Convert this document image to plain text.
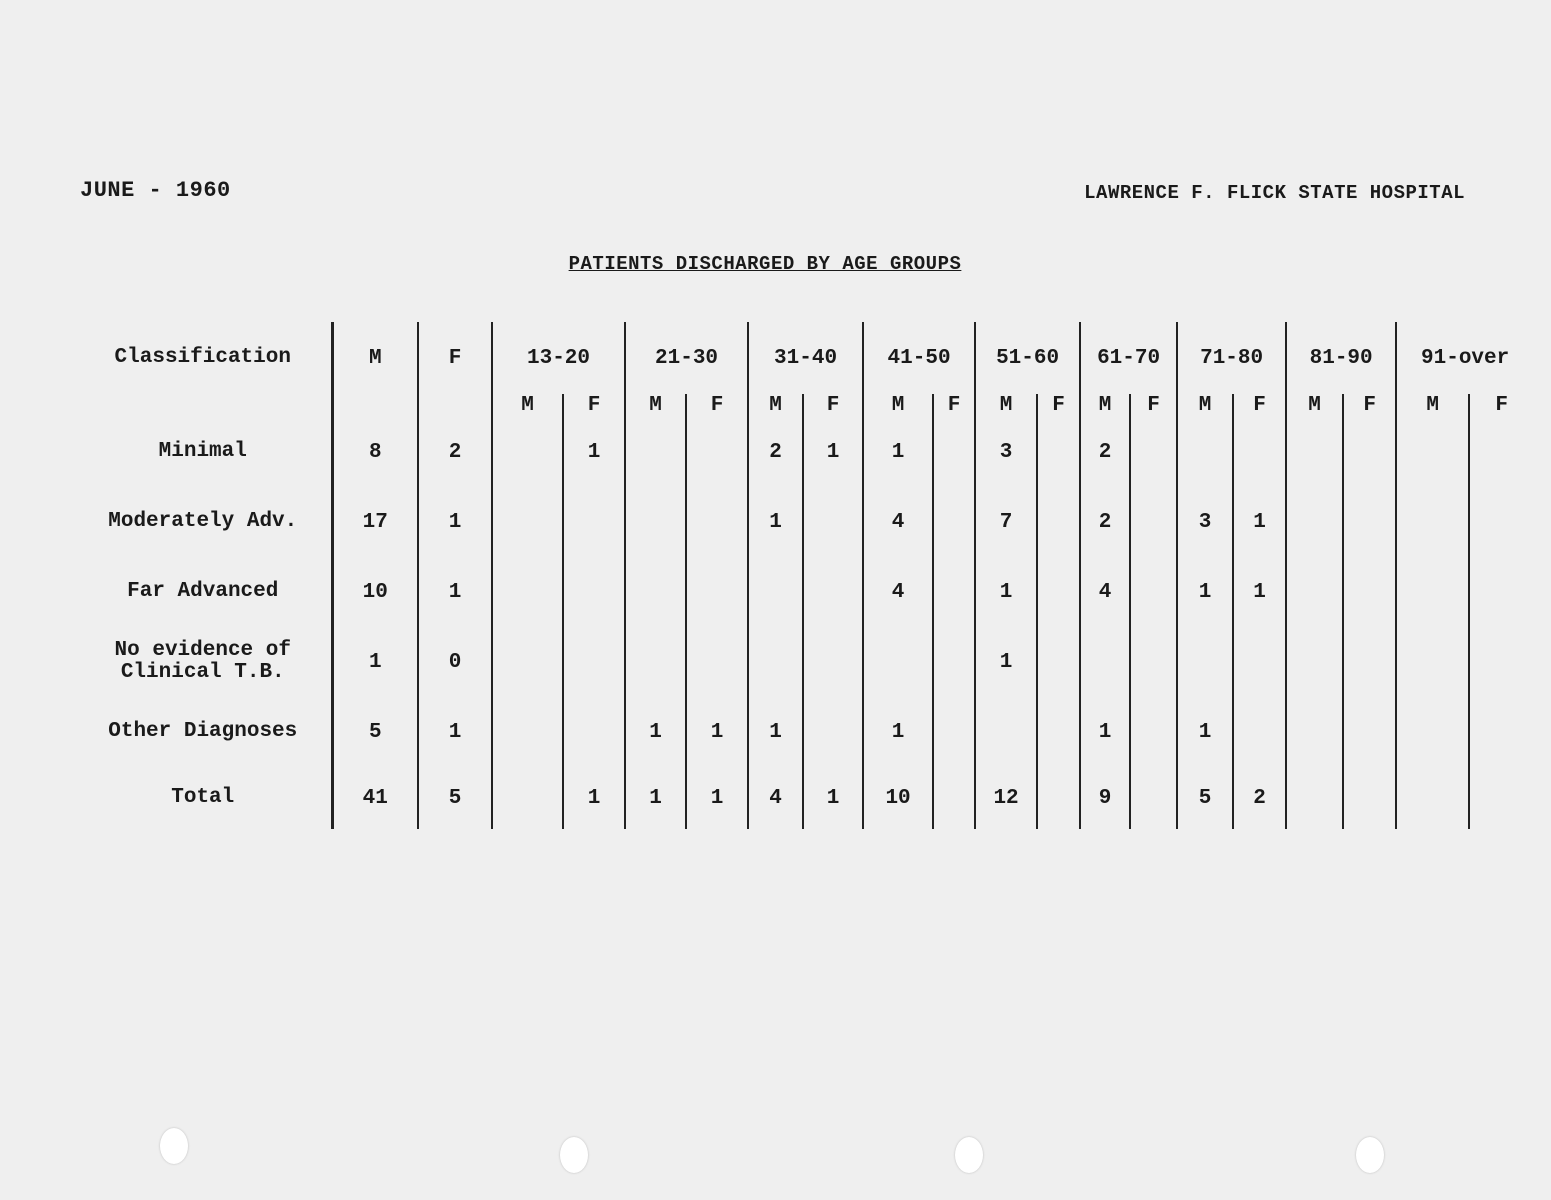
JUNE - 1960	LAWRENCE F. FLICK STATE HOSPITAL
PATIENTS DISCHARGED BY AGE GROUPS
Classification	M	F	13-20		21-30		31-40		41-50		51-60		61-70		71-80		81-90		91-over	
			M	F	M	F	M	F	M	F	M	F	M	F	M	F	M	F	M	F
Minimal	8	2		1			2	1	1		3		2							
Moderately Adv.	17	1					1		4		7		2		3	1				
Far Advanced	10	1							4		1		4		1	1				
No evidence of Clinical T.B.	1	0									1									
Other Diagnoses	5	1			1	1	1		1				1		1					
Total	41	5		1	1	1	4	1	10		12		9		5	2				
